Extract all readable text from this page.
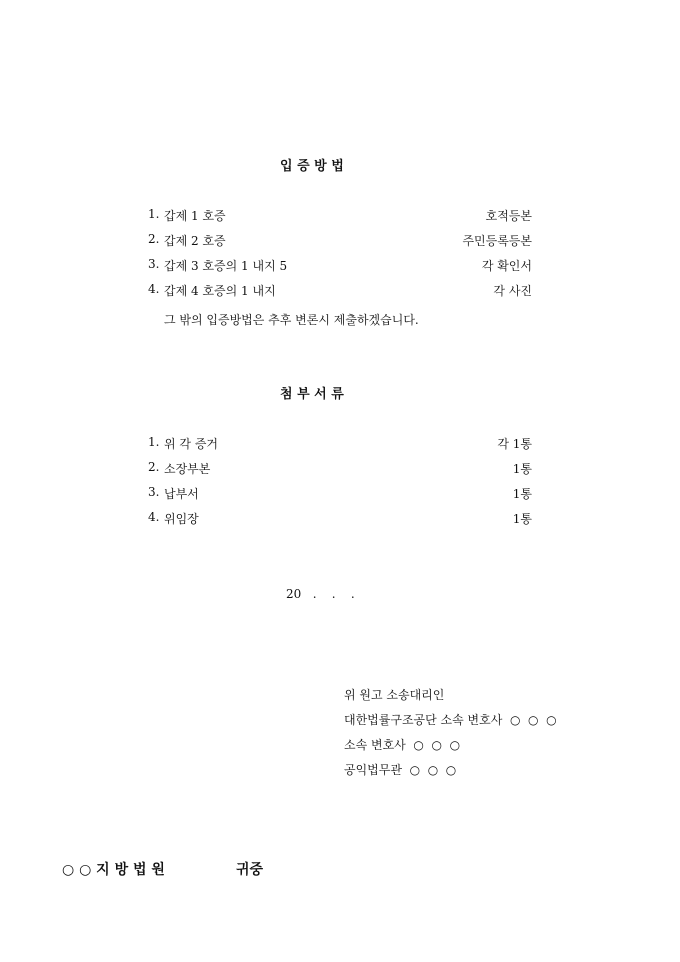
입 증 방 법
1. 갑제 1 호증	호적등본
2. 갑제 2 호증	주민등록등본
3. 갑제 3 호증의 1 내지 5	각 확인서
4. 갑제 4 호증의 1 내지	각 사진
그 밖의 입증방법은 추후 변론시 제출하겠습니다.
첨 부 서 류
1. 위 각 증거	각 1통
2. 소장부본	1통
3. 납부서	1통
4. 위임장	1통
20   .    .    .
위 원고 소송대리인
대한법률구조공단 소속 변호사  ○  ○  ○
소속 변호사  ○  ○  ○
공익법무관  ○  ○  ○
○ ○ 지 방 법 원	귀중
